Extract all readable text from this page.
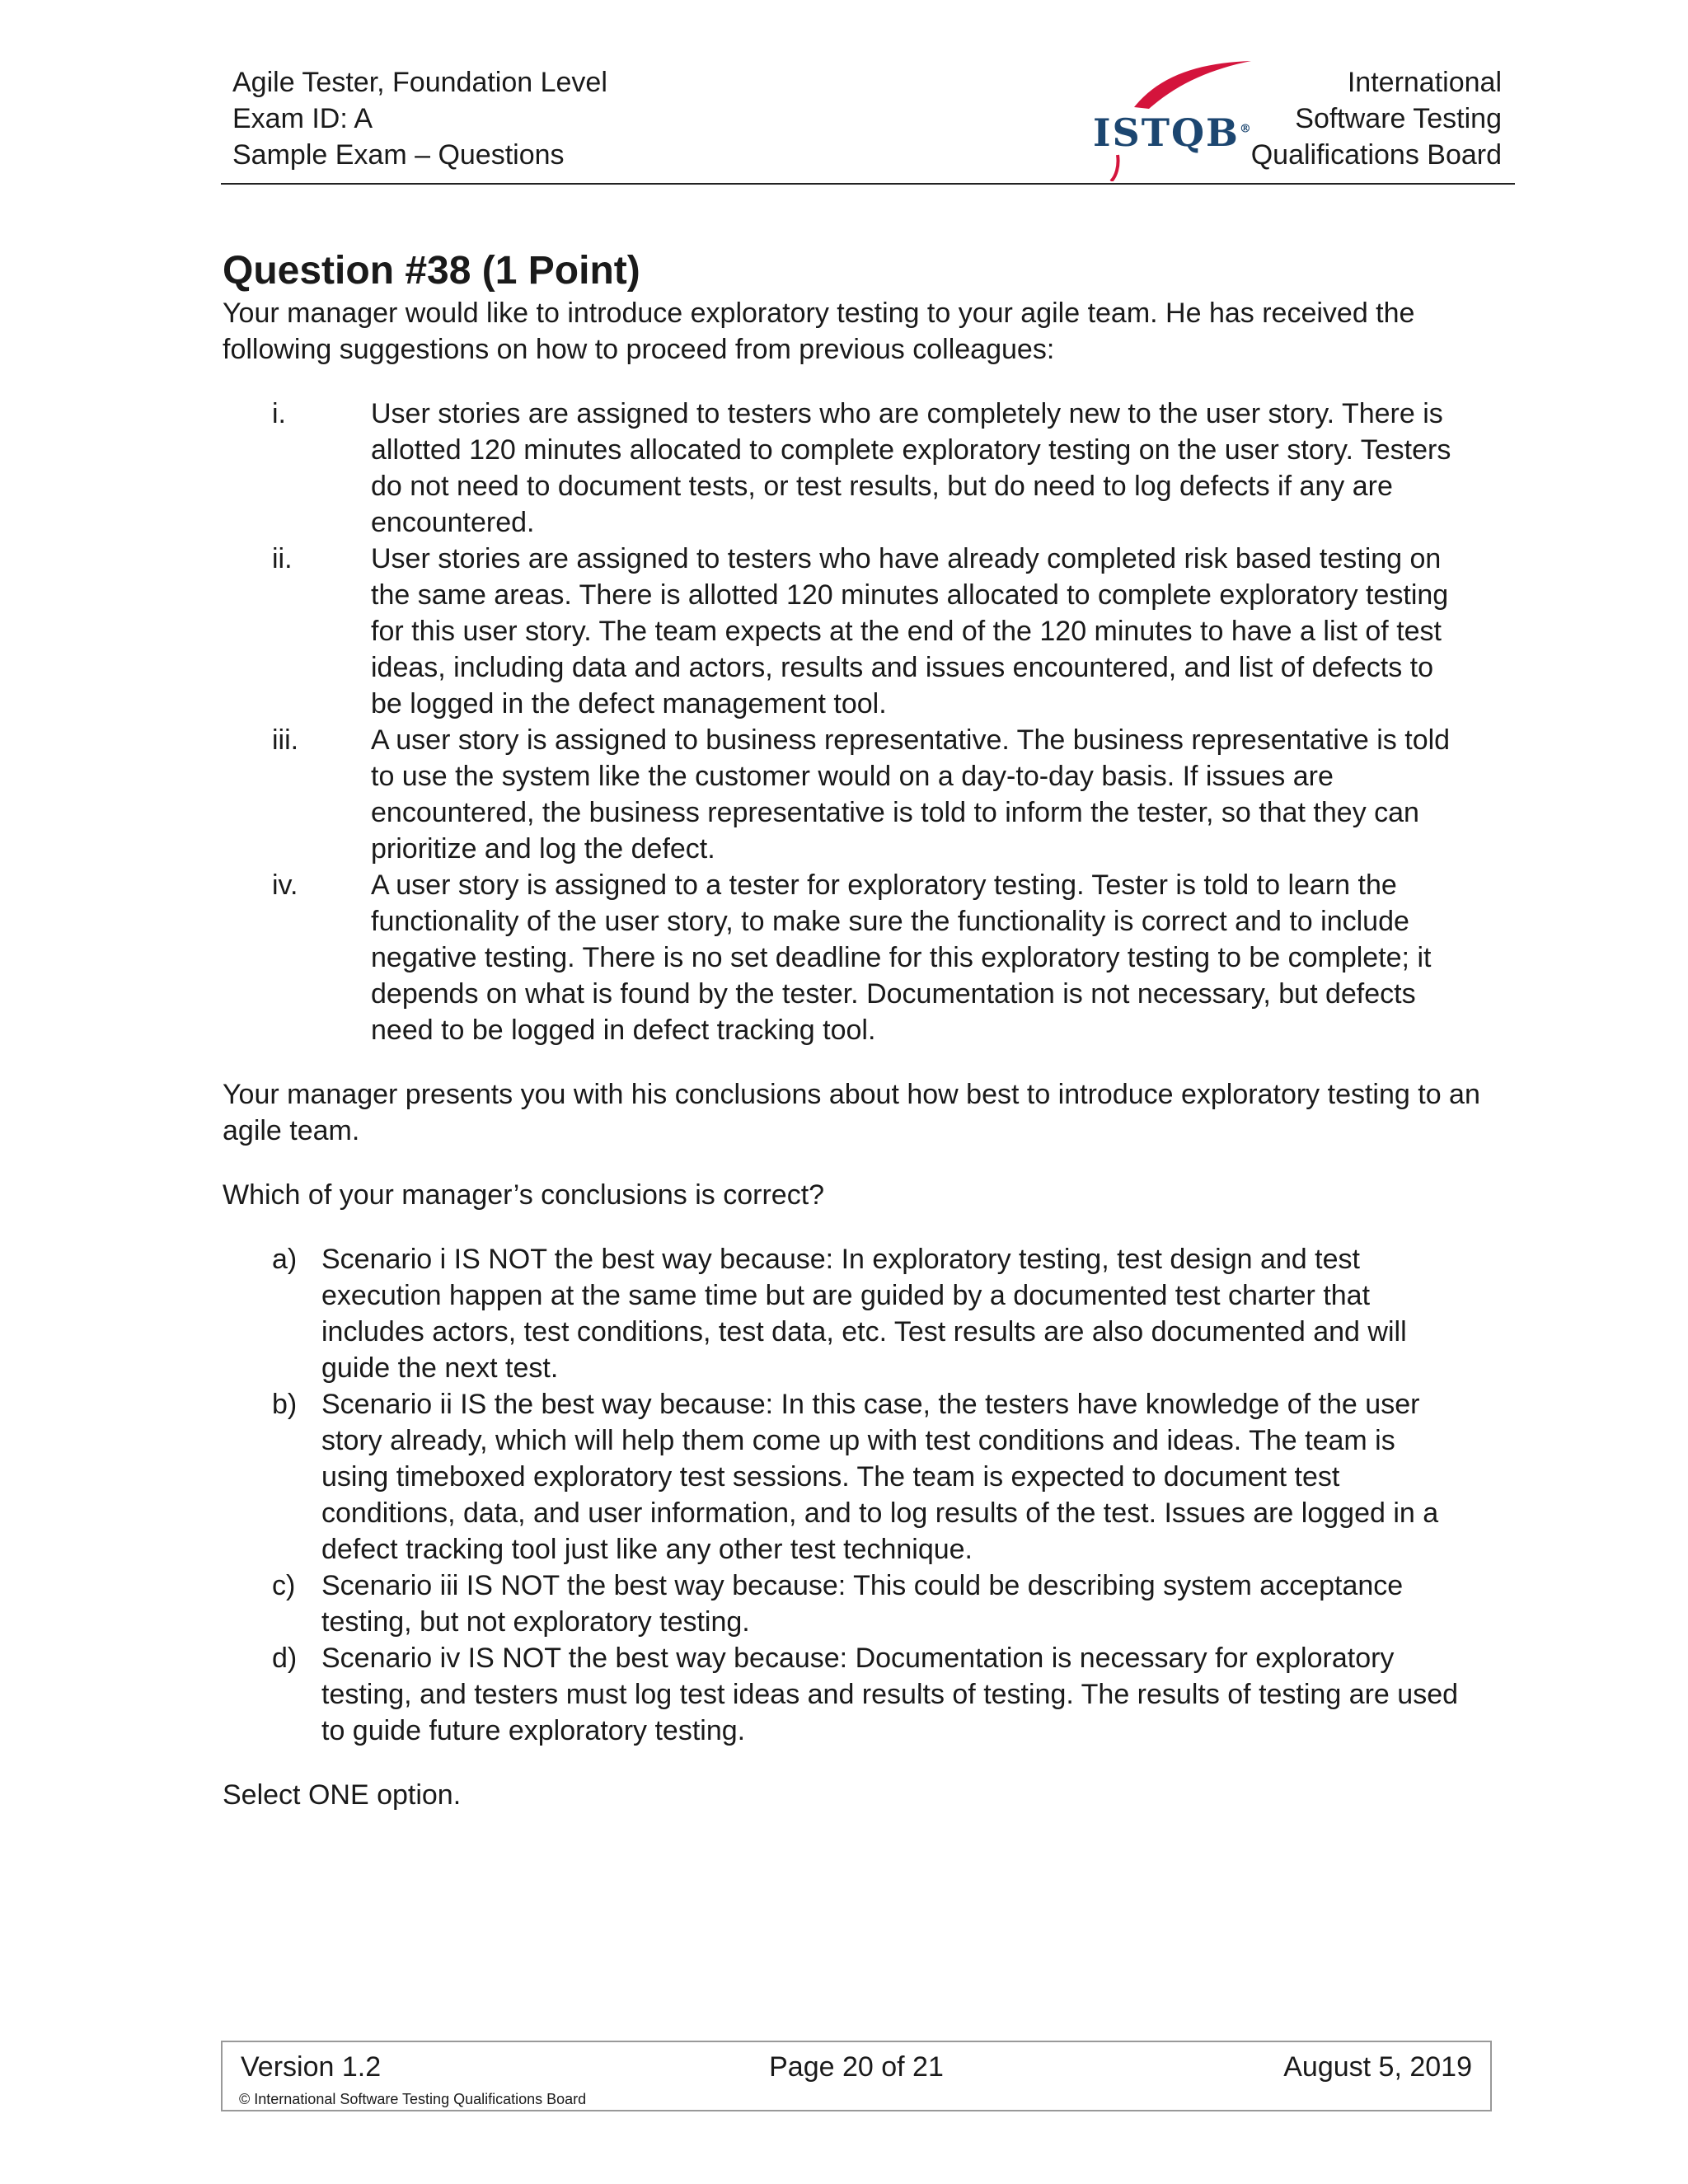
Agile Tester, Foundation Level
Exam ID: A
Sample Exam – Questions	ISTQB®
International
Software Testing
Qualifications Board
Question #38 (1 Point)

Your manager would like to introduce exploratory testing to your agile team. He has received the following suggestions on how to proceed from previous colleagues:

i.	User stories are assigned to testers who are completely new to the user story. There is allotted 120 minutes allocated to complete exploratory testing on the user story. Testers do not need to document tests, or test results, but do need to log defects if any are encountered.
ii.	User stories are assigned to testers who have already completed risk based testing on the same areas. There is allotted 120 minutes allocated to complete exploratory testing for this user story. The team expects at the end of the 120 minutes to have a list of test ideas, including data and actors, results and issues encountered, and list of defects to be logged in the defect management tool.
iii.	A user story is assigned to business representative. The business representative is told to use the system like the customer would on a day-to-day basis. If issues are encountered, the business representative is told to inform the tester, so that they can prioritize and log the defect.
iv.	A user story is assigned to a tester for exploratory testing. Tester is told to learn the functionality of the user story, to make sure the functionality is correct and to include negative testing. There is no set deadline for this exploratory testing to be complete; it depends on what is found by the tester. Documentation is not necessary, but defects need to be logged in defect tracking tool.

Your manager presents you with his conclusions about how best to introduce exploratory testing to an agile team.

Which of your manager’s conclusions is correct?

a) Scenario i IS NOT the best way because: In exploratory testing, test design and test execution happen at the same time but are guided by a documented test charter that includes actors, test conditions, test data, etc. Test results are also documented and will guide the next test.
b) Scenario ii IS the best way because: In this case, the testers have knowledge of the user story already, which will help them come up with test conditions and ideas. The team is using timeboxed exploratory test sessions. The team is expected to document test conditions, data, and user information, and to log results of the test. Issues are logged in a defect tracking tool just like any other test technique.
c) Scenario iii IS NOT the best way because: This could be describing system acceptance testing, but not exploratory testing.
d) Scenario iv IS NOT the best way because: Documentation is necessary for exploratory testing, and testers must log test ideas and results of testing. The results of testing are used to guide future exploratory testing.

Select ONE option.

Version 1.2	Page 20 of 21	August 5, 2019
© International Software Testing Qualifications Board
